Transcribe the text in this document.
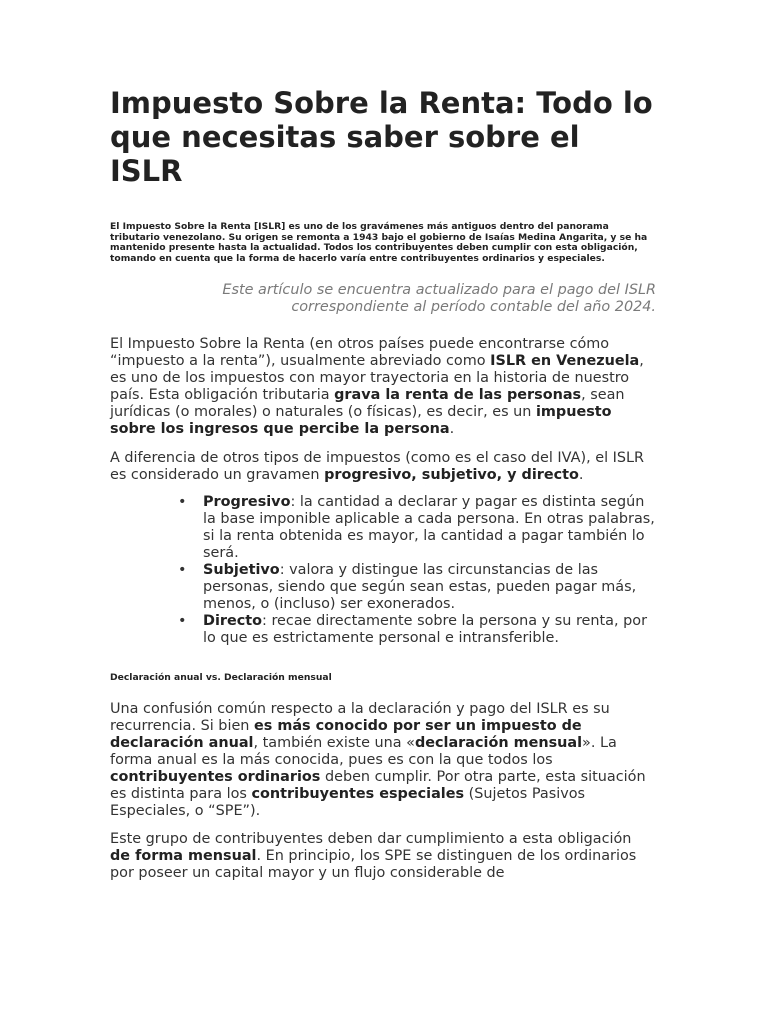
Impuesto Sobre la Renta: Todo lo que necesitas saber sobre el ISLR

El Impuesto Sobre la Renta [ISLR] es uno de los gravámenes más antiguos dentro del panorama tributario venezolano. Su origen se remonta a 1943 bajo el gobierno de Isaías Medina Angarita, y se ha mantenido presente hasta la actualidad. Todos los contribuyentes deben cumplir con esta obligación, tomando en cuenta que la forma de hacerlo varía entre contribuyentes ordinarios y especiales.

Este artículo se encuentra actualizado para el pago del ISLR correspondiente al período contable del año 2024.

El Impuesto Sobre la Renta (en otros países puede encontrarse cómo “impuesto a la renta”), usualmente abreviado como ISLR en Venezuela, es uno de los impuestos con mayor trayectoria en la historia de nuestro país. Esta obligación tributaria grava la renta de las personas, sean jurídicas (o morales) o naturales (o físicas), es decir, es un impuesto sobre los ingresos que percibe la persona.

A diferencia de otros tipos de impuestos (como es el caso del IVA), el ISLR es considerado un gravamen progresivo, subjetivo, y directo.

• Progresivo: la cantidad a declarar y pagar es distinta según la base imponible aplicable a cada persona. En otras palabras, si la renta obtenida es mayor, la cantidad a pagar también lo será.
• Subjetivo: valora y distingue las circunstancias de las personas, siendo que según sean estas, pueden pagar más, menos, o (incluso) ser exonerados.
• Directo: recae directamente sobre la persona y su renta, por lo que es estrictamente personal e intransferible.

Declaración anual vs. Declaración mensual

Una confusión común respecto a la declaración y pago del ISLR es su recurrencia. Si bien es más conocido por ser un impuesto de declaración anual, también existe una «declaración mensual». La forma anual es la más conocida, pues es con la que todos los contribuyentes ordinarios deben cumplir. Por otra parte, esta situación es distinta para los contribuyentes especiales (Sujetos Pasivos Especiales, o “SPE”).

Este grupo de contribuyentes deben dar cumplimiento a esta obligación de forma mensual. En principio, los SPE se distinguen de los ordinarios por poseer un capital mayor y un flujo considerable de
